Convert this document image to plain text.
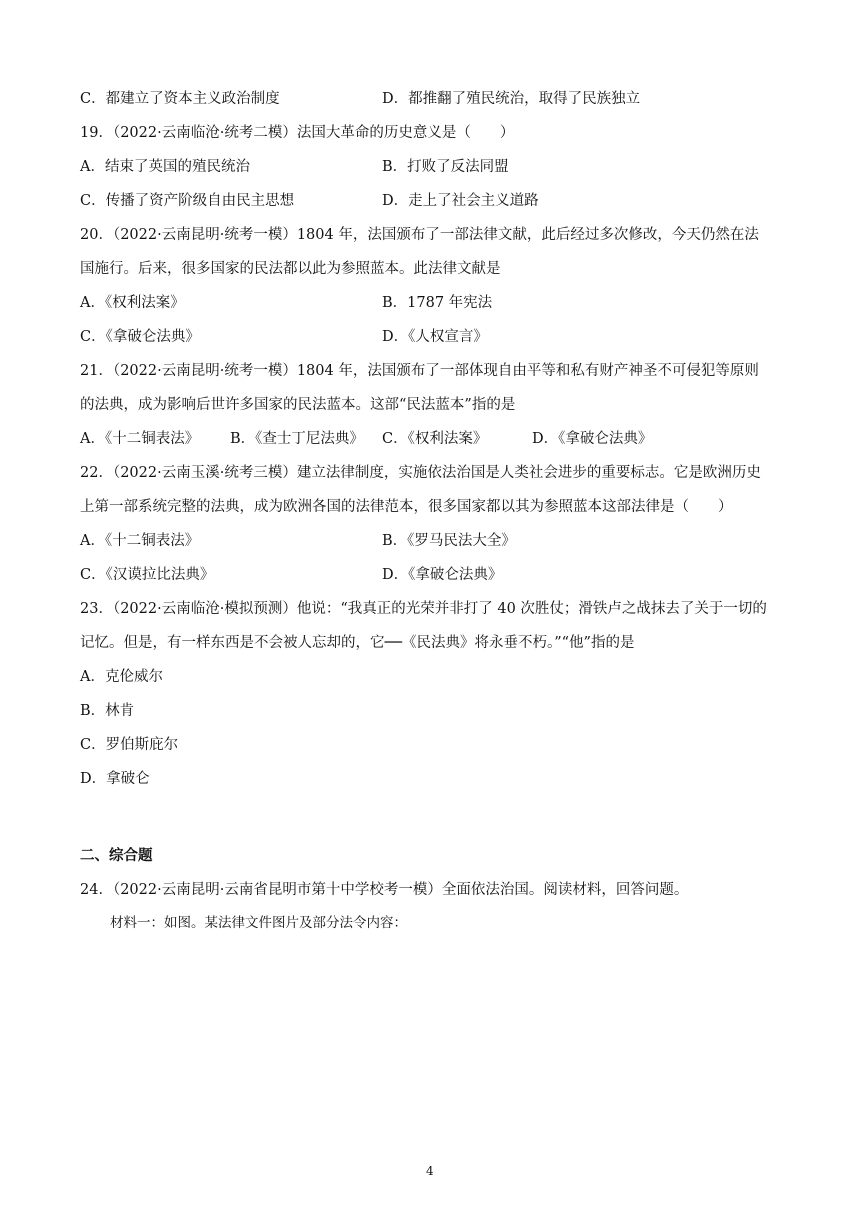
C．都建立了资本主义政治制度	D．都推翻了殖民统治，取得了民族独立
19．（2022·云南临沧·统考二模）法国大革命的历史意义是（　　）
A．结束了英国的殖民统治	B．打败了反法同盟
C．传播了资产阶级自由民主思想	D．走上了社会主义道路
20．（2022·云南昆明·统考一模）1804 年，法国颁布了一部法律文献，此后经过多次修改，今天仍然在法
国施行。后来，很多国家的民法都以此为参照蓝本。此法律文献是
A．《权利法案》	B．1787 年宪法
C．《拿破仑法典》	D．《人权宣言》
21．（2022·云南昆明·统考一模）1804 年，法国颁布了一部体现自由平等和私有财产神圣不可侵犯等原则
的法典，成为影响后世许多国家的民法蓝本。这部“民法蓝本”指的是
A．《十二铜表法》 B．《查士丁尼法典》 C．《权利法案》	D．《拿破仑法典》
22．（2022·云南玉溪·统考三模）建立法律制度，实施依法治国是人类社会进步的重要标志。它是欧洲历史
上第一部系统完整的法典，成为欧洲各国的法律范本，很多国家都以其为参照蓝本这部法律是（　　）
A．《十二铜表法》	B．《罗马民法大全》
C．《汉谟拉比法典》	D．《拿破仑法典》
23．（2022·云南临沧·模拟预测）他说：“我真正的光荣并非打了 40 次胜仗；滑铁卢之战抹去了关于一切的
记忆。但是，有一样东西是不会被人忘却的，它──《民法典》将永垂不朽。”“他”指的是
A．克伦威尔
B．林肯
C．罗伯斯庇尔
D．拿破仑
二、综合题
24．（2022·云南昆明·云南省昆明市第十中学校考一模）全面依法治国。阅读材料，回答问题。
材料一：如图。某法律文件图片及部分法令内容：
4
